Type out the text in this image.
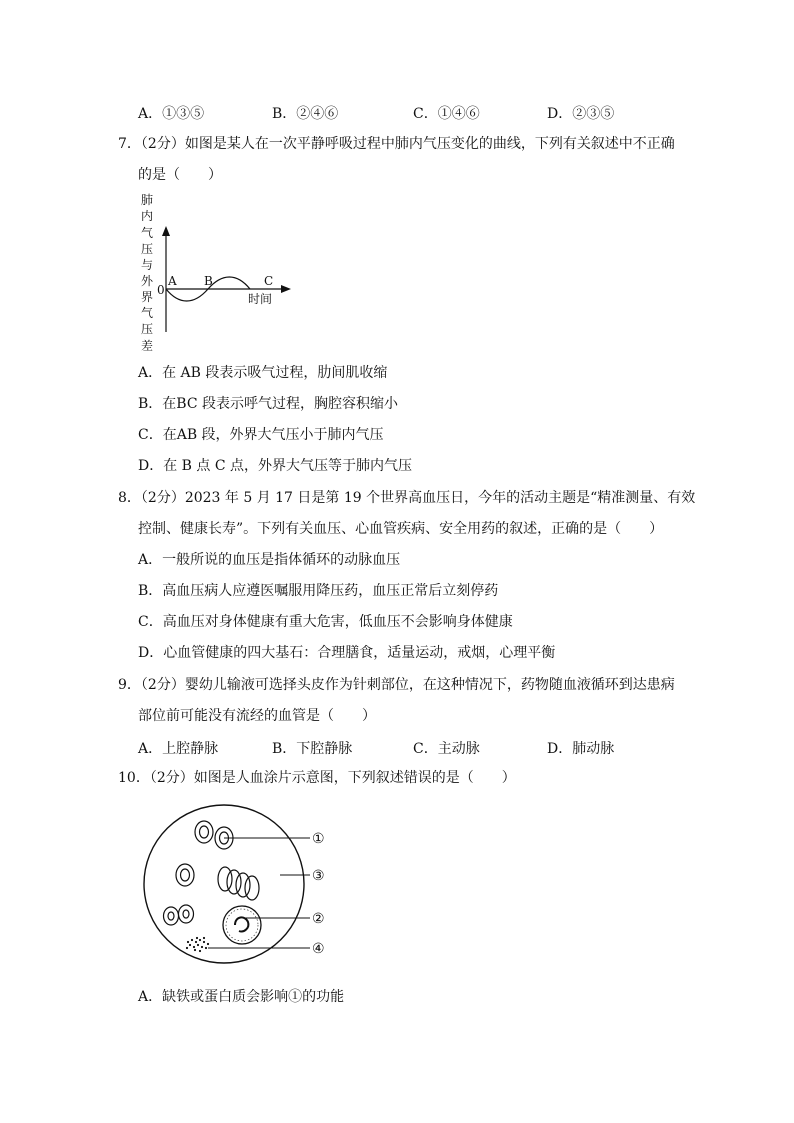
A．①③⑤	B．②④⑥	C．①④⑥	D．②③⑤
7．（2分）如图是某人在一次平静呼吸过程中肺内气压变化的曲线，下列有关叙述中不正确
的是（　　）
肺
内
气
压
与
外
界
气
压
差
0
A B	C
时间
A．在 AB 段表示吸气过程，肋间肌收缩
B．在BC 段表示呼气过程，胸腔容积缩小
C．在AB 段，外界大气压小于肺内气压
D．在 B 点 C 点，外界大气压等于肺内气压
8．（2分）2023 年 5 月 17 日是第 19 个世界高血压日，今年的活动主题是“精准测量、有效
控制、健康长寿”。下列有关血压、心血管疾病、安全用药的叙述，正确的是（　　）
A．一般所说的血压是指体循环的动脉血压
B．高血压病人应遵医嘱服用降压药，血压正常后立刻停药
C．高血压对身体健康有重大危害，低血压不会影响身体健康
D．心血管健康的四大基石：合理膳食，适量运动，戒烟，心理平衡
9．（2分）婴幼儿输液可选择头皮作为针刺部位，在这种情况下，药物随血液循环到达患病
部位前可能没有流经的血管是（　　）
A．上腔静脉	B．下腔静脉	C．主动脉	D．肺动脉
10．（2分）如图是人血涂片示意图，下列叙述错误的是（　　）
①
③
②
④
A．缺铁或蛋白质会影响①的功能
